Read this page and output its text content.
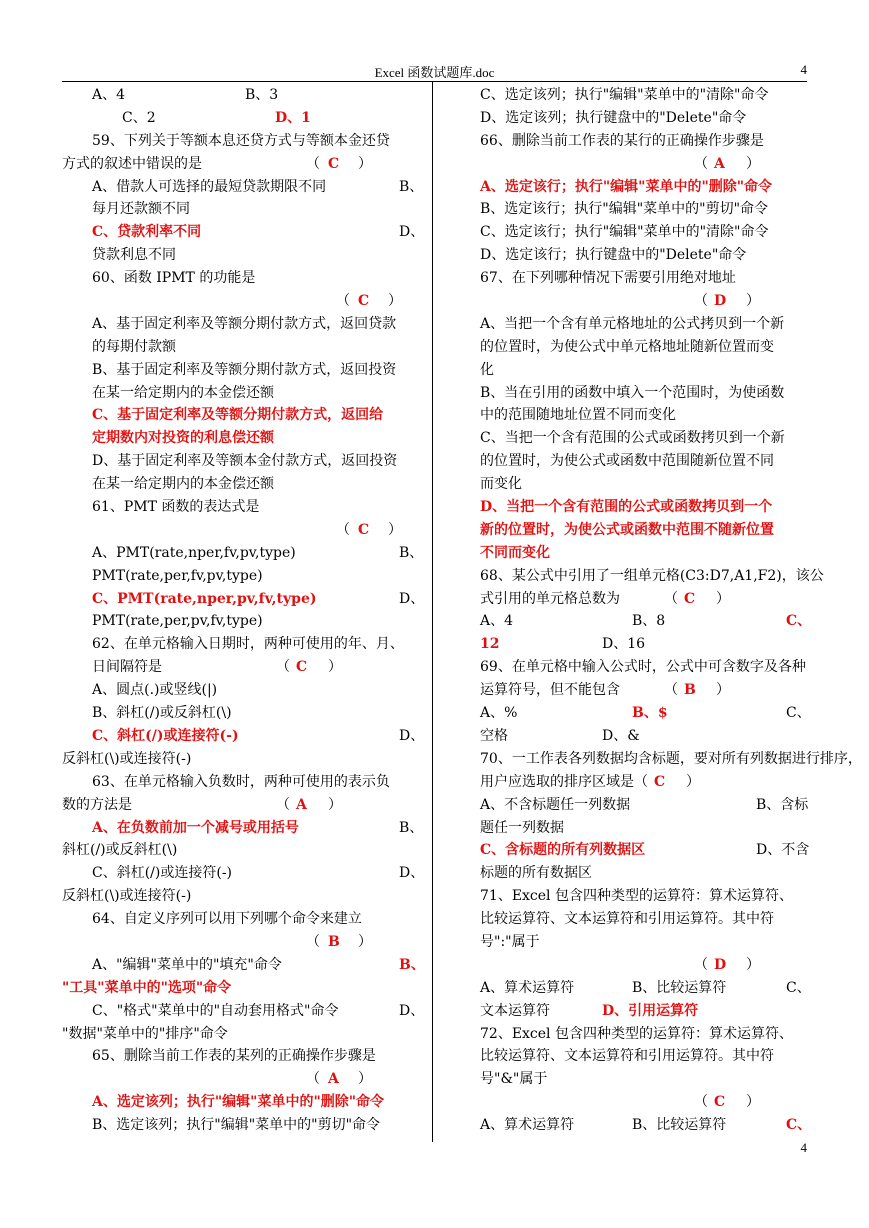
Excel 函数试题库.doc	4
A、4	B、3
C、2	D、1
59、下列关于等额本息还贷方式与等额本金还贷
方式的叙述中错误的是	（ C ）
A、借款人可选择的最短贷款期限不同	B、
每月还款额不同
C、贷款利率不同	D、
贷款利息不同
60、函数 IPMT 的功能是
（ C ）
A、基于固定利率及等额分期付款方式，返回贷款
的每期付款额
B、基于固定利率及等额分期付款方式，返回投资
在某一给定期内的本金偿还额
C、基于固定利率及等额分期付款方式，返回给
定期数内对投资的利息偿还额
D、基于固定利率及等额本金付款方式，返回投资
在某一给定期内的本金偿还额
61、PMT 函数的表达式是
（ C ）
A、PMT(rate,nper,fv,pv,type)	B、
PMT(rate,per,fv,pv,type)
C、PMT(rate,nper,pv,fv,type)	D、
PMT(rate,per,pv,fv,type)
62、在单元格输入日期时，两种可使用的年、月、
日间隔符是	（ C ）
A、圆点(.)或竖线(|)
B、斜杠(/)或反斜杠(\)
C、斜杠(/)或连接符(-)	D、
反斜杠(\)或连接符(-)
63、在单元格输入负数时，两种可使用的表示负
数的方法是	（ A ）
A、在负数前加一个减号或用括号	B、
斜杠(/)或反斜杠(\)
C、斜杠(/)或连接符(-)	D、
反斜杠(\)或连接符(-)
64、自定义序列可以用下列哪个命令来建立
（ B ）
A、"编辑"菜单中的"填充"命令	B、
"工具"菜单中的"选项"命令
C、"格式"菜单中的"自动套用格式"命令	D、
"数据"菜单中的"排序"命令
65、删除当前工作表的某列的正确操作步骤是
（ A ）
A、选定该列；执行"编辑"菜单中的"删除"命令
B、选定该列；执行"编辑"菜单中的"剪切"命令
C、选定该列；执行"编辑"菜单中的"清除"命令
D、选定该列；执行键盘中的"Delete"命令
66、删除当前工作表的某行的正确操作步骤是
（ A ）
A、选定该行；执行"编辑"菜单中的"删除"命令
B、选定该行；执行"编辑"菜单中的"剪切"命令
C、选定该行；执行"编辑"菜单中的"清除"命令
D、选定该行；执行键盘中的"Delete"命令
67、在下列哪种情况下需要引用绝对地址
（ D ）
A、当把一个含有单元格地址的公式拷贝到一个新
的位置时，为使公式中单元格地址随新位置而变
化
B、当在引用的函数中填入一个范围时，为使函数
中的范围随地址位置不同而变化
C、当把一个含有范围的公式或函数拷贝到一个新
的位置时，为使公式或函数中范围随新位置不同
而变化
D、当把一个含有范围的公式或函数拷贝到一个
新的位置时，为使公式或函数中范围不随新位置
不同而变化
68、某公式中引用了一组单元格(C3:D7,A1,F2)，该公
式引用的单元格总数为	（ C ）
A、4	B、8	C、
12	D、16
69、在单元格中输入公式时，公式中可含数字及各种
运算符号，但不能包含	（ B ）
A、%	B、$	C、
空格	D、&
70、一工作表各列数据均含标题，要对所有列数据进行排序，
用户应选取的排序区域是 （ C ）
A、不含标题任一列数据	B、含标
题任一列数据
C、含标题的所有列数据区	D、不含
标题的所有数据区
71、Excel 包含四种类型的运算符：算术运算符、
比较运算符、文本运算符和引用运算符。其中符
号":"属于
（ D ）
A、算术运算符	B、比较运算符	C、
文本运算符	D、引用运算符
72、Excel 包含四种类型的运算符：算术运算符、
比较运算符、文本运算符和引用运算符。其中符
号"&"属于
（ C ）
A、算术运算符	B、比较运算符	C、
4
